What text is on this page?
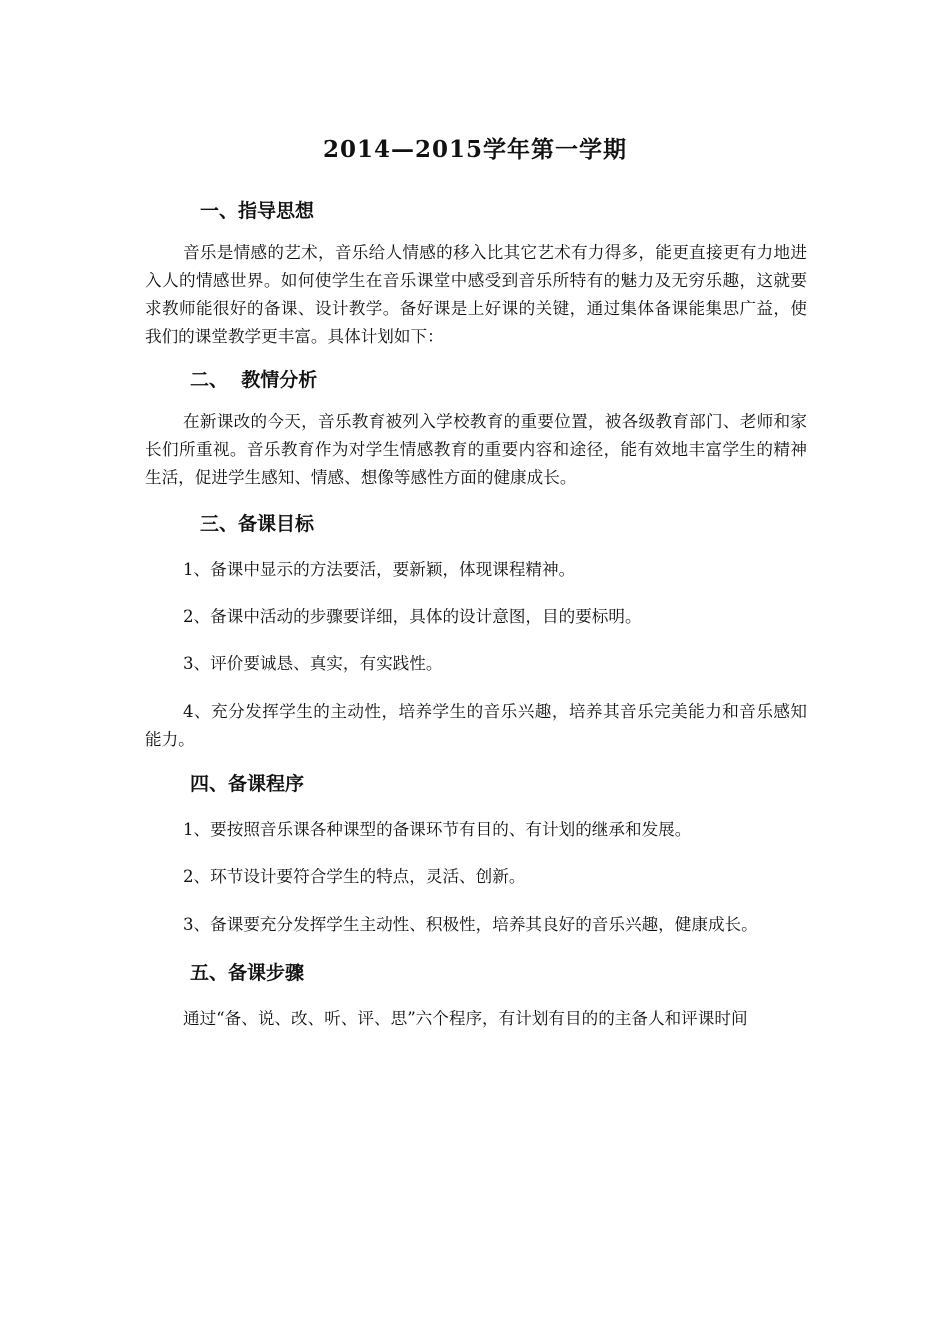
2014—2015学年第一学期
一、指导思想

音乐是情感的艺术，音乐给人情感的移入比其它艺术有力得多，能更直接更有力地进入人的情感世界。如何使学生在音乐课堂中感受到音乐所特有的魅力及无穷乐趣，这就要求教师能很好的备课、设计教学。备好课是上好课的关键，通过集体备课能集思广益，使我们的课堂教学更丰富。具体计划如下：

二、  教情分析

在新课改的今天，音乐教育被列入学校教育的重要位置，被各级教育部门、老师和家长们所重视。音乐教育作为对学生情感教育的重要内容和途径，能有效地丰富学生的精神生活，促进学生感知、情感、想像等感性方面的健康成长。

三、备课目标
1、备课中显示的方法要活，要新颖，体现课程精神。
2、备课中活动的步骤要详细，具体的设计意图，目的要标明。
3、评价要诚恳、真实，有实践性。

4、充分发挥学生的主动性，培养学生的音乐兴趣，培养其音乐完美能力和音乐感知能力。

四、备课程序
1、要按照音乐课各种课型的备课环节有目的、有计划的继承和发展。
2、环节设计要符合学生的特点，灵活、创新。
3、备课要充分发挥学生主动性、积极性，培养其良好的音乐兴趣，健康成长。
五、备课步骤
通过“备、说、改、听、评、思”六个程序，有计划有目的的主备人和评课时间
